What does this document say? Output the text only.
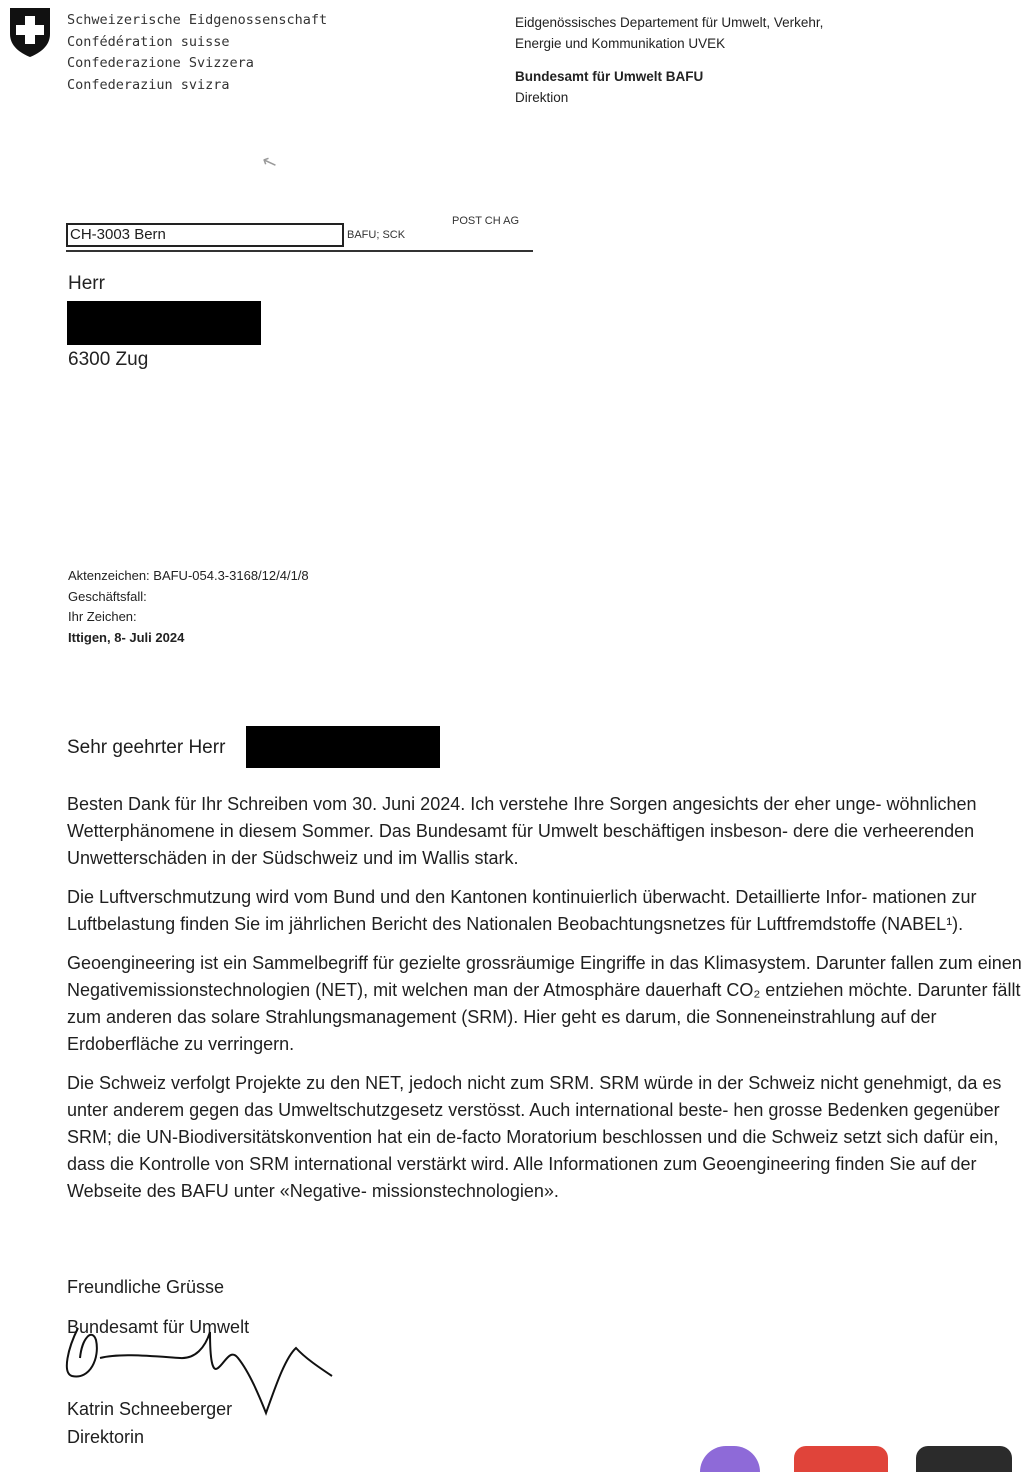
Schweizerische Eidgenossenschaft
Confédération suisse
Confederazione Svizzera
Confederaziun svizra
Eidgenössisches Departement für Umwelt, Verkehr,
Energie und Kommunikation UVEK
Bundesamt für Umwelt BAFU
Direktion
↖
CH-3003 Bern	BAFU; SCK
POST CH AG
Herr
6300 Zug
Aktenzeichen: BAFU-054.3-3168/12/4/1/8
Geschäftsfall:
Ihr Zeichen:
Ittigen, 8- Juli 2024
Sehr geehrter Herr

Besten Dank für Ihr Schreiben vom 30. Juni 2024. Ich verstehe Ihre Sorgen angesichts der eher unge- wöhnlichen Wetterphänomene in diesem Sommer. Das Bundesamt für Umwelt beschäftigen insbeson- dere die verheerenden Unwetterschäden in der Südschweiz und im Wallis stark.

Die Luftverschmutzung wird vom Bund und den Kantonen kontinuierlich überwacht. Detaillierte Infor- mationen zur Luftbelastung finden Sie im jährlichen Bericht des Nationalen Beobachtungsnetzes für Luftfremdstoffe (NABEL¹).

Geoengineering ist ein Sammelbegriff für gezielte grossräumige Eingriffe in das Klimasystem. Darunter fallen zum einen Negativemissionstechnologien (NET), mit welchen man der Atmosphäre dauerhaft CO₂ entziehen möchte. Darunter fällt zum anderen das solare Strahlungsmanagement (SRM). Hier geht es darum, die Sonneneinstrahlung auf der Erdoberfläche zu verringern.

Die Schweiz verfolgt Projekte zu den NET, jedoch nicht zum SRM. SRM würde in der Schweiz nicht genehmigt, da es unter anderem gegen das Umweltschutzgesetz verstösst. Auch international beste- hen grosse Bedenken gegenüber SRM; die UN-Biodiversitätskonvention hat ein de-facto Moratorium beschlossen und die Schweiz setzt sich dafür ein, dass die Kontrolle von SRM international verstärkt wird. Alle Informationen zum Geoengineering finden Sie auf der Webseite des BAFU unter «Negative- missionstechnologien».

Freundliche Grüsse
Bundesamt für Umwelt
Katrin Schneeberger
Direktorin
